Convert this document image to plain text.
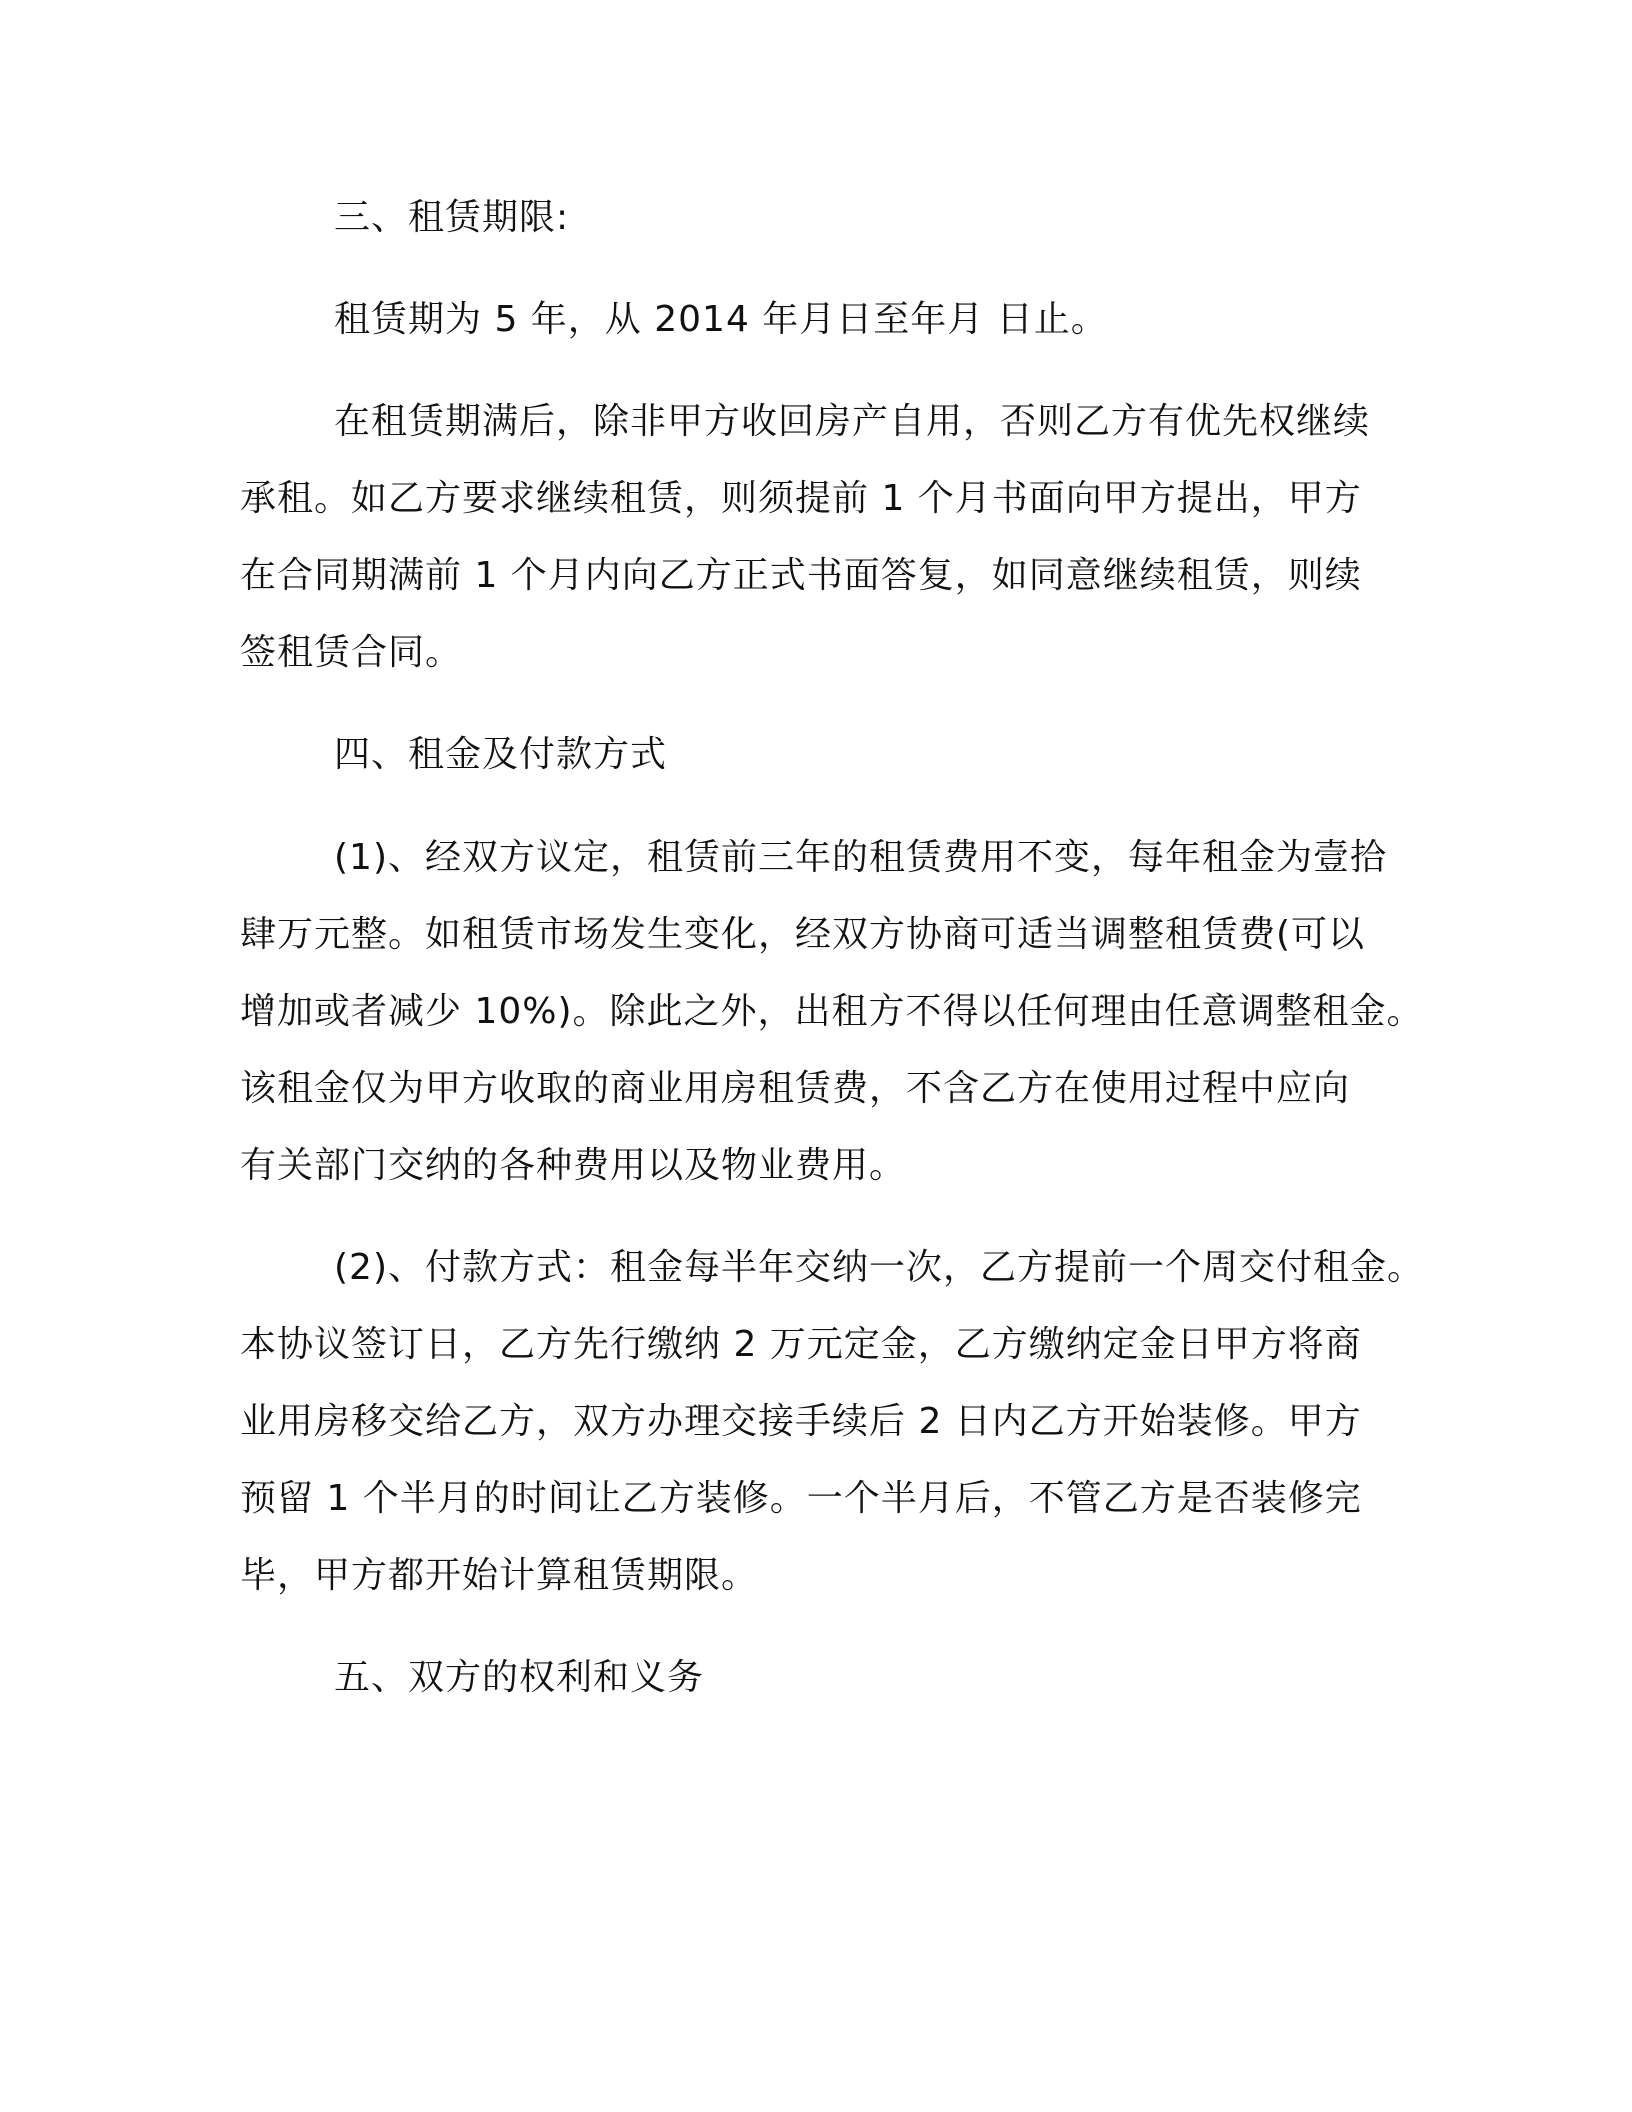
三、租赁期限:
租赁期为 5 年，从 2014 年月日至年月 日止。
在租赁期满后，除非甲方收回房产自用，否则乙方有优先权继续
承租。如乙方要求继续租赁，则须提前 1 个月书面向甲方提出，甲方
在合同期满前 1 个月内向乙方正式书面答复，如同意继续租赁，则续
签租赁合同。
四、租金及付款方式
(1)、经双方议定，租赁前三年的租赁费用不变，每年租金为壹拾
肆万元整。如租赁市场发生变化，经双方协商可适当调整租赁费(可以
增加或者减少 10%)。除此之外，出租方不得以任何理由任意调整租金。
该租金仅为甲方收取的商业用房租赁费，不含乙方在使用过程中应向
有关部门交纳的各种费用以及物业费用。
(2)、付款方式：租金每半年交纳一次，乙方提前一个周交付租金。
本协议签订日，乙方先行缴纳 2 万元定金，乙方缴纳定金日甲方将商
业用房移交给乙方，双方办理交接手续后 2 日内乙方开始装修。甲方
预留 1 个半月的时间让乙方装修。一个半月后，不管乙方是否装修完
毕，甲方都开始计算租赁期限。
五、双方的权利和义务
